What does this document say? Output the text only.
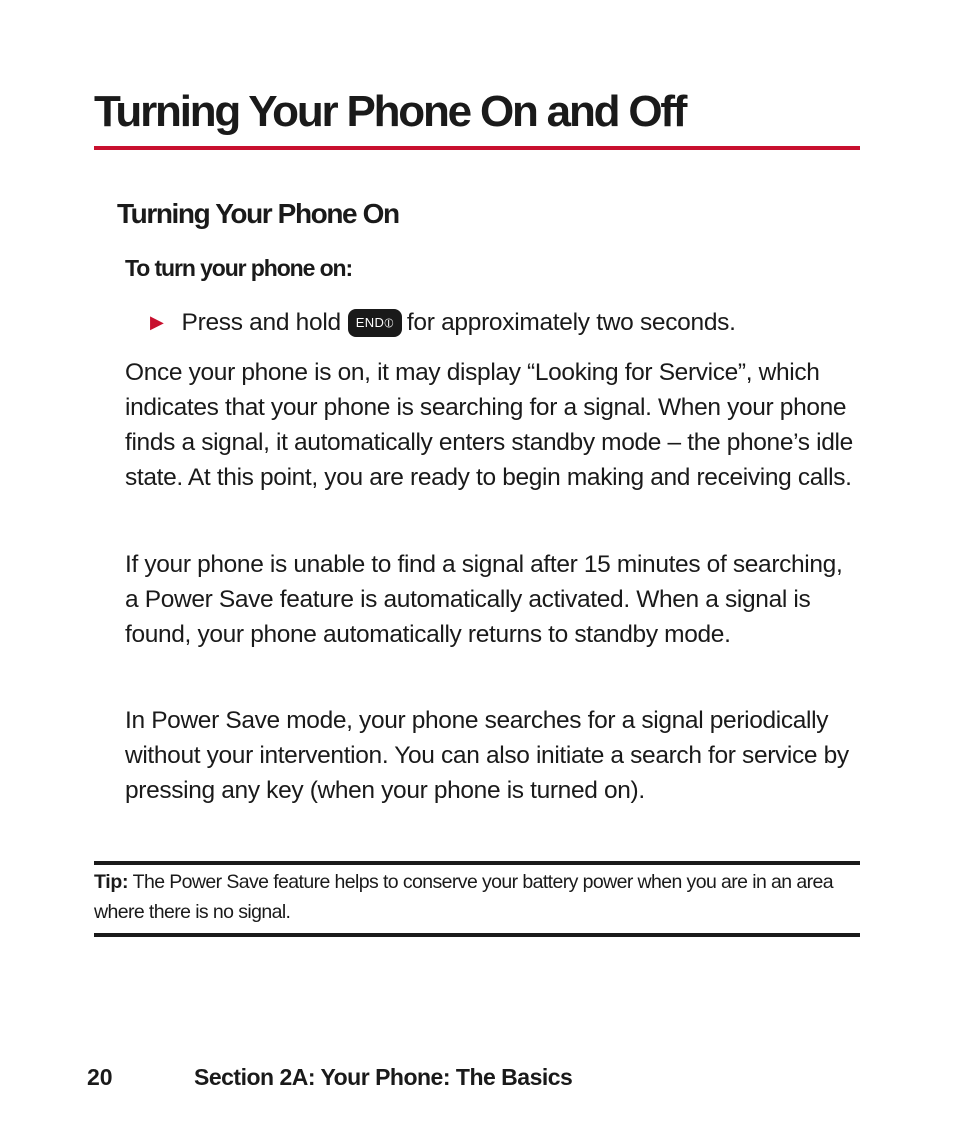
Turning Your Phone On and Off
Turning Your Phone On

To turn your phone on:

▶ Press and hold END⦶ for approximately two seconds.

Once your phone is on, it may display “Looking for Service”, which indicates that your phone is searching for a signal. When your phone finds a signal, it automatically enters standby mode – the phone’s idle state. At this point, you are ready to begin making and receiving calls.

If your phone is unable to find a signal after 15 minutes of searching, a Power Save feature is automatically activated. When a signal is found, your phone automatically returns to standby mode.

In Power Save mode, your phone searches for a signal periodically without your intervention. You can also initiate a search for service by pressing any key (when your phone is turned on).

Tip: The Power Save feature helps to conserve your battery power when you are in an area where there is no signal.

20	Section 2A: Your Phone: The Basics
